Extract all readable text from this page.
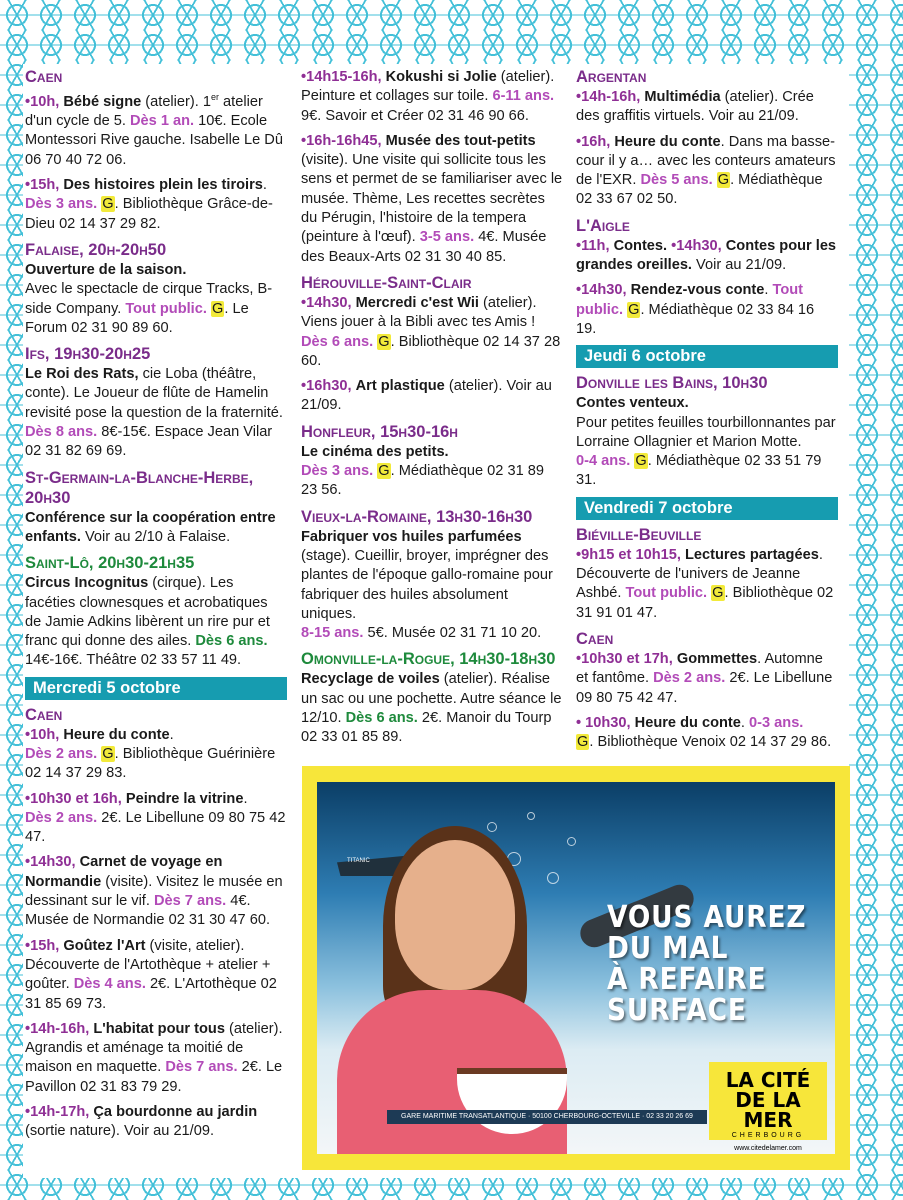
Caen
•10h, Bébé signe (atelier). 1er atelier d'un cycle de 5. Dès 1 an. 10€. Ecole Montessori Rive gauche. Isabelle Le Dû 06 70 40 72 06.
•15h, Des histoires plein les tiroirs. Dès 3 ans. G. Bibliothèque Grâce-de-Dieu 02 14 37 29 82.
Falaise, 20h-20h50
Ouverture de la saison.
Avec le spectacle de cirque Tracks, B-side Company. Tout public. G. Le Forum 02 31 90 89 60.
Ifs, 19h30-20h25
Le Roi des Rats, cie Loba (théâtre, conte). Le Joueur de flûte de Hamelin revisité pose la question de la fraternité. Dès 8 ans. 8€-15€. Espace Jean Vilar 02 31 82 69 69.
St-Germain-la-Blanche-Herbe, 20h30
Conférence sur la coopération entre enfants. Voir au 2/10 à Falaise.
Saint-Lô, 20h30-21h35
Circus Incognitus (cirque). Les facéties clownesques et acrobatiques de Jamie Adkins libèrent un rire pur et franc qui donne des ailes. Dès 6 ans. 14€-16€. Théâtre 02 33 57 11 49.
Mercredi 5 octobre
Caen
•10h, Heure du conte.
Dès 2 ans. G. Bibliothèque Guérinière 02 14 37 29 83.
•10h30 et 16h, Peindre la vitrine.
Dès 2 ans. 2€. Le Libellune 09 80 75 42 47.
•14h30, Carnet de voyage en Normandie (visite). Visitez le musée en dessinant sur le vif. Dès 7 ans. 4€. Musée de Normandie 02 31 30 47 60.
•15h, Goûtez l'Art (visite, atelier). Découverte de l'Artothèque + atelier + goûter. Dès 4 ans. 2€. L'Artothèque 02 31 85 69 73.
•14h-16h, L'habitat pour tous (atelier). Agrandis et aménage ta moitié de maison en maquette. Dès 7 ans. 2€. Le Pavillon 02 31 83 79 29.
•14h-17h, Ça bourdonne au jardin (sortie nature). Voir au 21/09.
•14h15-16h, Kokushi si Jolie (atelier). Peinture et collages sur toile. 6-11 ans. 9€. Savoir et Créer 02 31 46 90 66.
•16h-16h45, Musée des tout-petits (visite). Une visite qui sollicite tous les sens et permet de se familiariser avec le musée. Thème, Les recettes secrètes du Pérugin, l'histoire de la tempera (peinture à l'œuf). 3-5 ans. 4€. Musée des Beaux-Arts 02 31 30 40 85.
Hérouville-Saint-Clair
•14h30, Mercredi c'est Wii (atelier). Viens jouer à la Bibli avec tes Amis !
Dès 6 ans. G. Bibliothèque 02 14 37 28 60.
•16h30, Art plastique (atelier). Voir au 21/09.
Honfleur, 15h30-16h
Le cinéma des petits.
Dès 3 ans. G. Médiathèque 02 31 89 23 56.
Vieux-la-Romaine, 13h30-16h30
Fabriquer vos huiles parfumées (stage). Cueillir, broyer, imprégner des plantes de l'époque gallo-romaine pour fabriquer des huiles absolument uniques.
8-15 ans. 5€. Musée 02 31 71 10 20.
Omonville-la-Rogue, 14h30-18h30
Recyclage de voiles (atelier). Réalise un sac ou une pochette. Autre séance le 12/10. Dès 6 ans. 2€. Manoir du Tourp 02 33 01 85 89.
Argentan
•14h-16h, Multimédia (atelier). Crée des graffitis virtuels. Voir au 21/09.
•16h, Heure du conte. Dans ma basse-cour il y a… avec les conteurs amateurs de l'EXR. Dès 5 ans. G. Médiathèque 02 33 67 02 50.
L'Aigle
•11h, Contes. •14h30, Contes pour les grandes oreilles. Voir au 21/09.
•14h30, Rendez-vous conte. Tout public. G. Médiathèque 02 33 84 16 19.
Jeudi 6 octobre
Donville les Bains, 10h30
Contes venteux.
Pour petites feuilles tourbillonnantes par Lorraine Ollagnier et Marion Motte.
0-4 ans. G. Médiathèque 02 33 51 79 31.
Vendredi 7 octobre
Biéville-Beuville
•9h15 et 10h15, Lectures partagées. Découverte de l'univers de Jeanne Ashbé. Tout public. G. Bibliothèque 02 31 91 01 47.
Caen
•10h30 et 17h, Gommettes. Automne et fantôme. Dès 2 ans. 2€. Le Libellune 09 80 75 42 47.
• 10h30, Heure du conte. 0-3 ans.
G. Bibliothèque Venoix 02 14 37 29 86.
TITANIC
VOUS AUREZ
DU MAL
À REFAIRE
SURFACE
GARE MARITIME TRANSATLANTIQUE · 50100 CHERBOURG-OCTEVILLE · 02 33 20 26 69
LA CITÉ
DE LA MER
CHERBOURG
www.citedelamer.com
